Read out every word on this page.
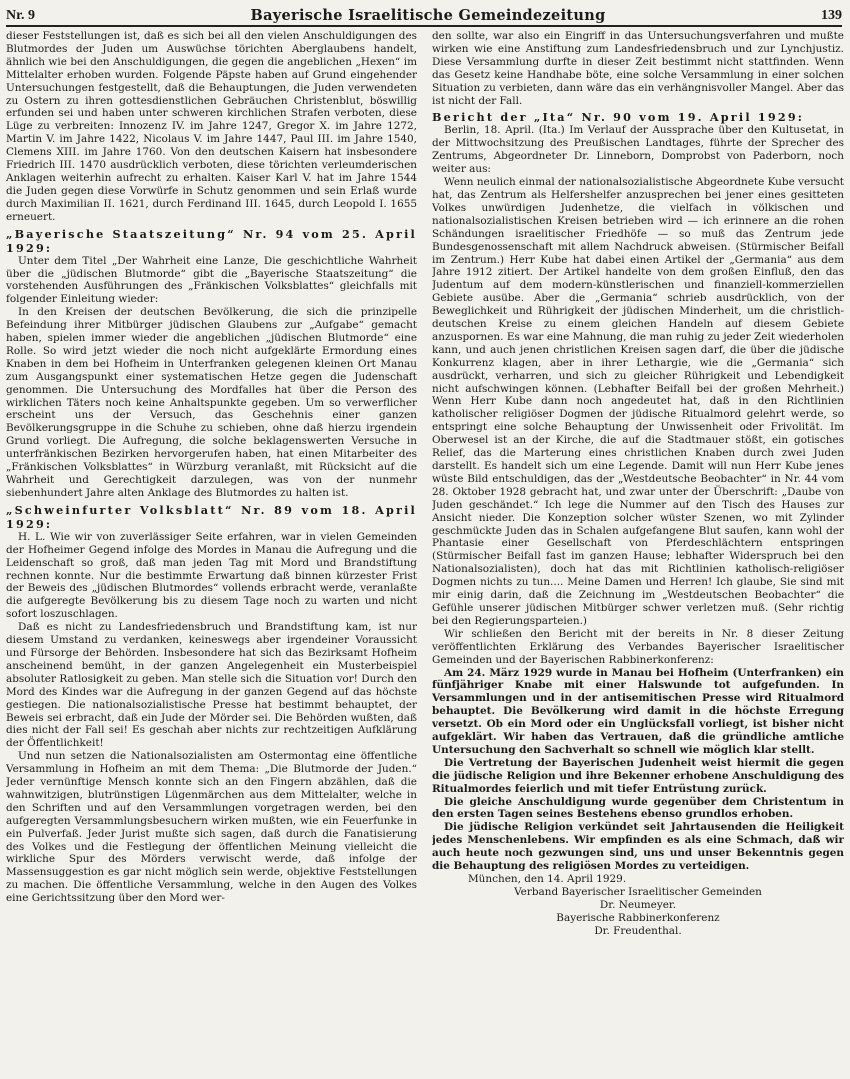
Nr. 9	Bayerische Israelitische Gemeindezeitung	139

dieser Feststellungen ist, daß es sich bei all den vielen Anschuldigungen des Blutmordes der Juden um Auswüchse törichten Aberglaubens handelt, ähnlich wie bei den Anschuldigungen, die gegen die angeblichen „Hexen“ im Mittelalter erhoben wurden. Folgende Päpste haben auf Grund eingehender Untersuchungen festgestellt, daß die Behauptungen, die Juden verwendeten zu Ostern zu ihren gottesdienstlichen Gebräuchen Christenblut, böswillig erfunden sei und haben unter schweren kirchlichen Strafen verboten, diese Lüge zu verbreiten: Innozenz IV. im Jahre 1247, Gregor X. im Jahre 1272, Martin V. im Jahre 1422, Nicolaus V. im Jahre 1447, Paul III. im Jahre 1540, Clemens XIII. im Jahre 1760. Von den deutschen Kaisern hat insbesondere Friedrich III. 1470 ausdrücklich verboten, diese törichten verleumderischen Anklagen weiterhin aufrecht zu erhalten. Kaiser Karl V. hat im Jahre 1544 die Juden gegen diese Vorwürfe in Schutz genommen und sein Erlaß wurde durch Maximilian II. 1621, durch Ferdinand III. 1645, durch Leopold I. 1655 erneuert.

„Bayerische Staatszeitung“ Nr. 94 vom 25. April 1929:

Unter dem Titel „Der Wahrheit eine Lanze, Die geschichtliche Wahrheit über die „jüdischen Blutmorde“ gibt die „Bayerische Staatszeitung“ die vorstehenden Ausführungen des „Fränkischen Volksblattes“ gleichfalls mit folgender Einleitung wieder:

In den Kreisen der deutschen Bevölkerung, die sich die prinzipelle Befeindung ihrer Mitbürger jüdischen Glaubens zur „Aufgabe“ gemacht haben, spielen immer wieder die angeblichen „jüdischen Blutmorde“ eine Rolle. So wird jetzt wieder die noch nicht aufgeklärte Ermordung eines Knaben in dem bei Hofheim in Unterfranken gelegenen kleinen Ort Manau zum Ausgangspunkt einer systematischen Hetze gegen die Judenschaft genommen. Die Untersuchung des Mordfalles hat über die Person des wirklichen Täters noch keine Anhaltspunkte gegeben. Um so verwerflicher erscheint uns der Versuch, das Geschehnis einer ganzen Bevölkerungsgruppe in die Schuhe zu schieben, ohne daß hierzu irgendein Grund vorliegt. Die Aufregung, die solche beklagenswerten Versuche in unterfränkischen Bezirken hervorgerufen haben, hat einen Mitarbeiter des „Fränkischen Volksblattes“ in Würzburg veranlaßt, mit Rücksicht auf die Wahrheit und Gerechtigkeit darzulegen, was von der nunmehr siebenhundert Jahre alten Anklage des Blutmordes zu halten ist.

„Schweinfurter Volksblatt“ Nr. 89 vom 18. April 1929:

H. L. Wie wir von zuverlässiger Seite erfahren, war in vielen Gemeinden der Hofheimer Gegend infolge des Mordes in Manau die Aufregung und die Leidenschaft so groß, daß man jeden Tag mit Mord und Brandstiftung rechnen konnte. Nur die bestimmte Erwartung daß binnen kürzester Frist der Beweis des „jüdischen Blutmordes“ vollends erbracht werde, veranlaßte die aufgeregte Bevölkerung bis zu diesem Tage noch zu warten und nicht sofort loszuschlagen.

Daß es nicht zu Landesfriedensbruch und Brandstiftung kam, ist nur diesem Umstand zu verdanken, keineswegs aber irgendeiner Voraussicht und Fürsorge der Behörden. Insbesondere hat sich das Bezirksamt Hofheim anscheinend bemüht, in der ganzen Angelegenheit ein Musterbeispiel absoluter Ratlosigkeit zu geben. Man stelle sich die Situation vor! Durch den Mord des Kindes war die Aufregung in der ganzen Gegend auf das höchste gestiegen. Die nationalsozialistische Presse hat bestimmt behauptet, der Beweis sei erbracht, daß ein Jude der Mörder sei. Die Behörden wußten, daß dies nicht der Fall sei! Es geschah aber nichts zur rechtzeitigen Aufklärung der Öffentlichkeit!

Und nun setzen die Nationalsozialisten am Ostermontag eine öffentliche Versammlung in Hofheim an mit dem Thema: „Die Blutmorde der Juden.“ Jeder vernünftige Mensch konnte sich an den Fingern abzählen, daß die wahnwitzigen, blutrünstigen Lügenmärchen aus dem Mittelalter, welche in den Schriften und auf den Versammlungen vorgetragen werden, bei den aufgeregten Versammlungsbesuchern wirken mußten, wie ein Feuerfunke in ein Pulverfaß. Jeder Jurist mußte sich sagen, daß durch die Fanatisierung des Volkes und die Festlegung der öffentlichen Meinung vielleicht die wirkliche Spur des Mörders verwischt werde, daß infolge der Massensuggestion es gar nicht möglich sein werde, objektive Feststellungen zu machen. Die öffentliche Versammlung, welche in den Augen des Volkes eine Gerichtssitzung über den Mord wer-

den sollte, war also ein Eingriff in das Untersuchungsverfahren und mußte wirken wie eine Anstiftung zum Landesfriedensbruch und zur Lynchjustiz. Diese Versammlung durfte in dieser Zeit bestimmt nicht stattfinden. Wenn das Gesetz keine Handhabe böte, eine solche Versammlung in einer solchen Situation zu verbieten, dann wäre das ein verhängnisvoller Mangel. Aber das ist nicht der Fall.

Bericht der „Ita“ Nr. 90 vom 19. April 1929:

Berlin, 18. April. (Ita.) Im Verlauf der Aussprache über den Kultusetat, in der Mittwochsitzung des Preußischen Landtages, führte der Sprecher des Zentrums, Abgeordneter Dr. Linneborn, Domprobst von Paderborn, noch weiter aus:

Wenn neulich einmal der nationalsozialistische Abgeordnete Kube versucht hat, das Zentrum als Helfershelfer anzusprechen bei jener eines gesitteten Volkes unwürdigen Judenhetze, die vielfach in völkischen und nationalsozialistischen Kreisen betrieben wird — ich erinnere an die rohen Schändungen israelitischer Friedhöfe — so muß das Zentrum jede Bundesgenossenschaft mit allem Nachdruck abweisen. (Stürmischer Beifall im Zentrum.) Herr Kube hat dabei einen Artikel der „Germania“ aus dem Jahre 1912 zitiert. Der Artikel handelte von dem großen Einfluß, den das Judentum auf dem modern-künstlerischen und finanziell-kommerziellen Gebiete ausübe. Aber die „Germania“ schrieb ausdrücklich, von der Beweglichkeit und Rührigkeit der jüdischen Minderheit, um die christlich-deutschen Kreise zu einem gleichen Handeln auf diesem Gebiete anzuspornen. Es war eine Mahnung, die man ruhig zu jeder Zeit wiederholen kann, und auch jenen christlichen Kreisen sagen darf, die über die jüdische Konkurrenz klagen, aber in ihrer Lethargie, wie die „Germania“ sich ausdrückt, verharren, und sich zu gleicher Rührigkeit und Lebendigkeit nicht aufschwingen können. (Lebhafter Beifall bei der großen Mehrheit.) Wenn Herr Kube dann noch angedeutet hat, daß in den Richtlinien katholischer religiöser Dogmen der jüdische Ritualmord gelehrt werde, so entspringt eine solche Behauptung der Unwissenheit oder Frivolität. Im Oberwesel ist an der Kirche, die auf die Stadtmauer stößt, ein gotisches Relief, das die Marterung eines christlichen Knaben durch zwei Juden darstellt. Es handelt sich um eine Legende. Damit will nun Herr Kube jenes wüste Bild entschuldigen, das der „Westdeutsche Beobachter“ in Nr. 44 vom 28. Oktober 1928 gebracht hat, und zwar unter der Überschrift: „Daube von Juden geschändet.“ Ich lege die Nummer auf den Tisch des Hauses zur Ansicht nieder. Die Konzeption solcher wüster Szenen, wo mit Zylinder geschmückte Juden das in Schalen aufgefangene Blut saufen, kann wohl der Phantasie einer Gesellschaft von Pferdeschlächtern entspringen (Stürmischer Beifall fast im ganzen Hause; lebhafter Widerspruch bei den Nationalsozialisten), doch hat das mit Richtlinien katholisch-religiöser Dogmen nichts zu tun.... Meine Damen und Herren! Ich glaube, Sie sind mit mir einig darin, daß die Zeichnung im „Westdeutschen Beobachter“ die Gefühle unserer jüdischen Mitbürger schwer verletzen muß. (Sehr richtig bei den Regierungsparteien.)

Wir schließen den Bericht mit der bereits in Nr. 8 dieser Zeitung veröffentlichten Erklärung des Verbandes Bayerischer Israelitischer Gemeinden und der Bayerischen Rabbinerkonferenz:

Am 24. März 1929 wurde in Manau bei Hofheim (Unterfranken) ein fünfjähriger Knabe mit einer Halswunde tot aufgefunden. In Versammlungen und in der antisemitischen Presse wird Ritualmord behauptet. Die Bevölkerung wird damit in die höchste Erregung versetzt. Ob ein Mord oder ein Unglücksfall vorliegt, ist bisher nicht aufgeklärt. Wir haben das Vertrauen, daß die gründliche amtliche Untersuchung den Sachverhalt so schnell wie möglich klar stellt.

Die Vertretung der Bayerischen Judenheit weist hiermit die gegen die jüdische Religion und ihre Bekenner erhobene Anschuldigung des Ritualmordes feierlich und mit tiefer Entrüstung zurück.

Die gleiche Anschuldigung wurde gegenüber dem Christentum in den ersten Tagen seines Bestehens ebenso grundlos erhoben.

Die jüdische Religion verkündet seit Jahrtausenden die Heiligkeit jedes Menschenlebens. Wir empfinden es als eine Schmach, daß wir auch heute noch gezwungen sind, uns und unser Bekenntnis gegen die Behauptung des religiösen Mordes zu verteidigen.

München, den 14. April 1929.

Verband Bayerischer Israelitischer Gemeinden

Dr. Neumeyer.

Bayerische Rabbinerkonferenz

Dr. Freudenthal.
